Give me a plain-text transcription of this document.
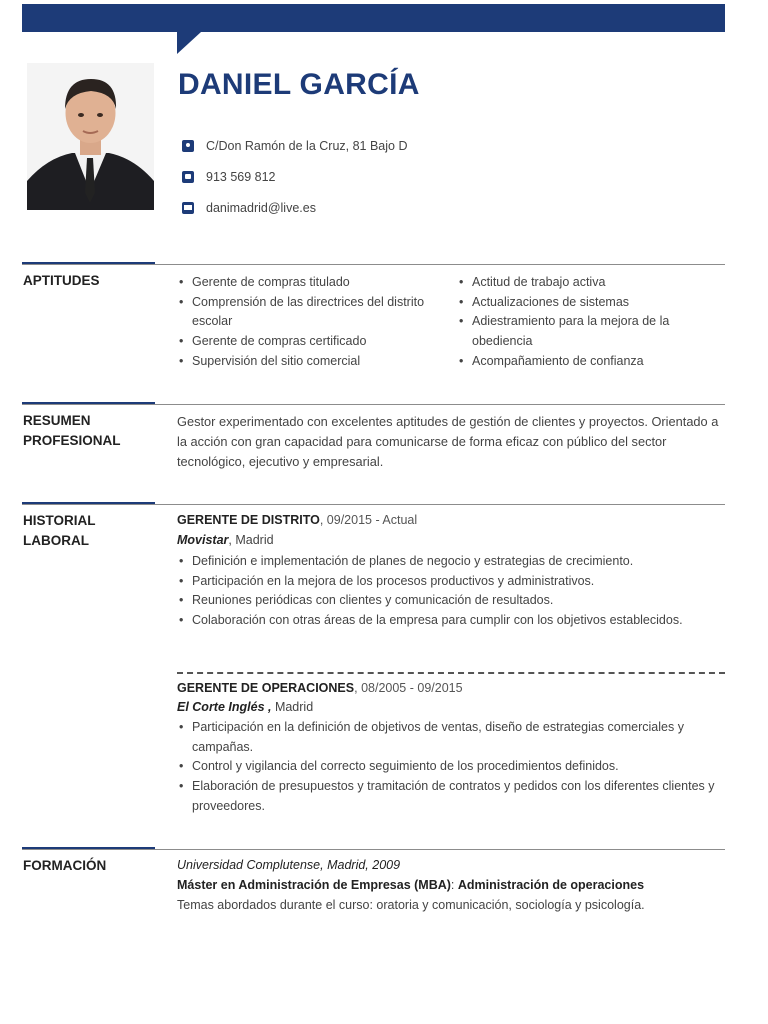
DANIEL GARCÍA
C/Don Ramón de la Cruz, 81 Bajo D
913 569 812
danimadrid@live.es
APTITUDES
•	Gerente de compras titulado
• Comprensión de las directrices del distrito escolar
• Gerente de compras certificado
• Supervisión del sitio comercial
• Actitud de trabajo activa
• Actualizaciones de sistemas
• Adiestramiento para la mejora de la obediencia
• Acompañamiento de confianza
RESUMEN
PROFESIONAL
Gestor experimentado con excelentes aptitudes de gestión de clientes y proyectos. Orientado a la acción con gran capacidad para comunicarse de forma eficaz con público del sector tecnológico, ejecutivo y empresarial.
HISTORIAL
LABORAL
GERENTE DE DISTRITO, 09/2015 - Actual
Movistar, Madrid
• Definición e implementación de planes de negocio y estrategias de crecimiento.
• Participación en la mejora de los procesos productivos y administrativos.
• Reuniones periódicas con clientes y comunicación de resultados.
• Colaboración con otras áreas de la empresa para cumplir con los objetivos establecidos.
GERENTE DE OPERACIONES, 08/2005 - 09/2015
El Corte Inglés , Madrid
• Participación en la definición de objetivos de ventas, diseño de estrategias comerciales y campañas.
• Control y vigilancia del correcto seguimiento de los procedimientos definidos.
• Elaboración de presupuestos y tramitación de contratos y pedidos con los diferentes clientes y proveedores.
FORMACIÓN	Universidad Complutense, Madrid, 2009
Máster en Administración de Empresas (MBA): Administración de operaciones
Temas abordados durante el curso: oratoria y comunicación, sociología y psicología.
